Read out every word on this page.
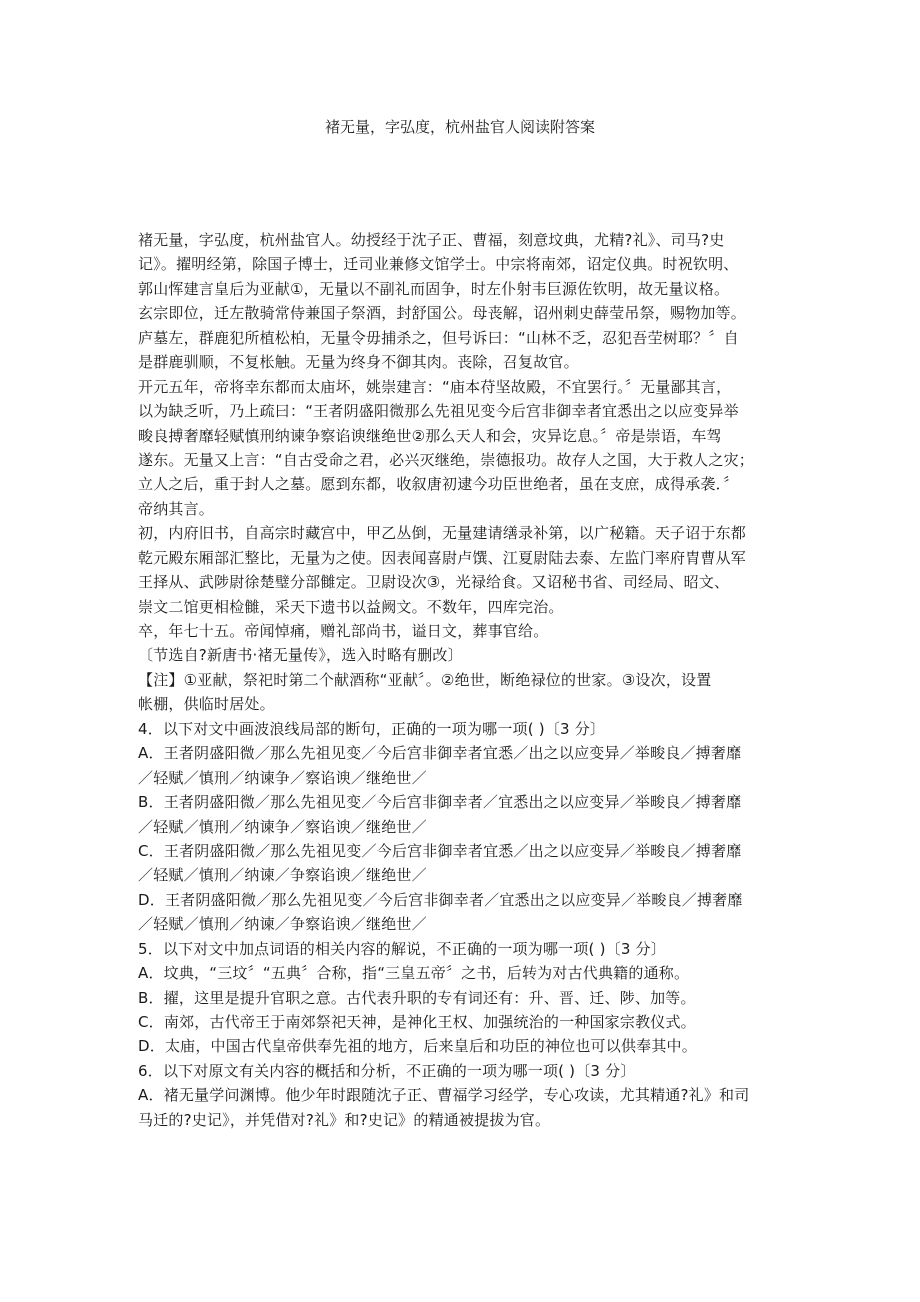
褚无量，字弘度，杭州盐官人阅读附答案
褚无量，字弘度，杭州盐官人。幼授经于沈子正、曹福，刻意坟典，尤精?礼》、司马?史
记》。擢明经第，除国子博士，迁司业兼修文馆学士。中宗将南郊，诏定仪典。时祝钦明、
郭山恽建言皇后为亚献①，无量以不副礼而固争，时左仆射韦巨源佐钦明，故无量议格。
玄宗即位，迁左散骑常侍兼国子祭酒，封舒国公。母丧解，诏州刺史薛莹吊祭，赐物加等。
庐墓左，群鹿犯所植松柏，无量令毋捕杀之，但号诉曰：“山林不乏，忍犯吾茔树耶？〞自
是群鹿驯顺，不复枨触。无量为终身不御其肉。丧除，召复故官。
开元五年，帝将幸东都而太庙坏，姚崇建言：“庙本苻坚故殿，不宜罢行。〞无量鄙其言，
以为缺乏听，乃上疏曰：“王者阴盛阳微那么先祖见变今后宫非御幸者宜悉出之以应变异举
畯良搏奢靡轻赋慎刑纳谏争察谄谀继绝世②那么天人和会，灾异讫息。〞帝是崇语，车驾
遂东。无量又上言：“自古受命之君，必兴灭继绝，崇德报功。故存人之国，大于救人之灾；
立人之后，重于封人之墓。愿到东都，收叙唐初逮今功臣世绝者，虽在支庶，成得承袭．〞
帝纳其言。
初，内府旧书，自高宗时藏宫中，甲乙丛倒，无量建请缮录补第，以广秘籍。天子诏于东都
乾元殿东厢部汇整比，无量为之使。因表闻喜尉卢馔、江夏尉陆去泰、左监门率府胄曹从军
王择从、武陟尉徐楚璧分部雠定。卫尉设次③，光禄给食。又诏秘书省、司经局、昭文、
崇文二馆更相检雠，采天下遗书以益阙文。不数年，四库完治。
卒，年七十五。帝闻悼痛，赠礼部尚书，谥日文，葬事官给。
〔节选自?新唐书·褚无量传》，选入时略有删改〕
【注】①亚献，祭祀时第二个献酒称“亚献〞。②绝世，断绝禄位的世家。③设次，设置
帐棚，供临时居处。
4．以下对文中画波浪线局部的断句，正确的一项为哪一项( )〔3 分〕
A．王者阴盛阳微／那么先祖见变／今后宫非御幸者宜悉／出之以应变异／举畯良／搏奢靡
／轻赋／慎刑／纳谏争／察谄谀／继绝世／
B．王者阴盛阳微／那么先祖见变／今后宫非御幸者／宜悉出之以应变异／举畯良／搏奢靡
／轻赋／慎刑／纳谏争／察谄谀／继绝世／
C．王者阴盛阳微／那么先祖见变／今后宫非御幸者宜悉／出之以应变异／举畯良／搏奢靡
／轻赋／慎刑／纳谏／争察谄谀／继绝世／
D．王者阴盛阳微／那么先祖见变／今后宫非御幸者／宜悉出之以应变异／举畯良／搏奢靡
／轻赋／慎刑／纳谏／争察谄谀／继绝世／
5．以下对文中加点词语的相关内容的解说，不正确的一项为哪一项( )〔3 分〕
A．坟典，“三坟〞“五典〞合称，指“三皇五帝〞之书，后转为对古代典籍的通称。
B．擢，这里是提升官职之意。古代表升职的专有词还有：升、晋、迁、陟、加等。
C．南郊，古代帝王于南郊祭祀天神，是神化王权、加强统治的一种国家宗教仪式。
D．太庙，中国古代皇帝供奉先祖的地方，后来皇后和功臣的神位也可以供奉其中。
6．以下对原文有关内容的概括和分析，不正确的一项为哪一项( )〔3 分〕
A．褚无量学问渊博。他少年时跟随沈子正、曹福学习经学，专心攻读，尤其精通?礼》和司
马迁的?史记》，并凭借对?礼》和?史记》的精通被提拔为官。
